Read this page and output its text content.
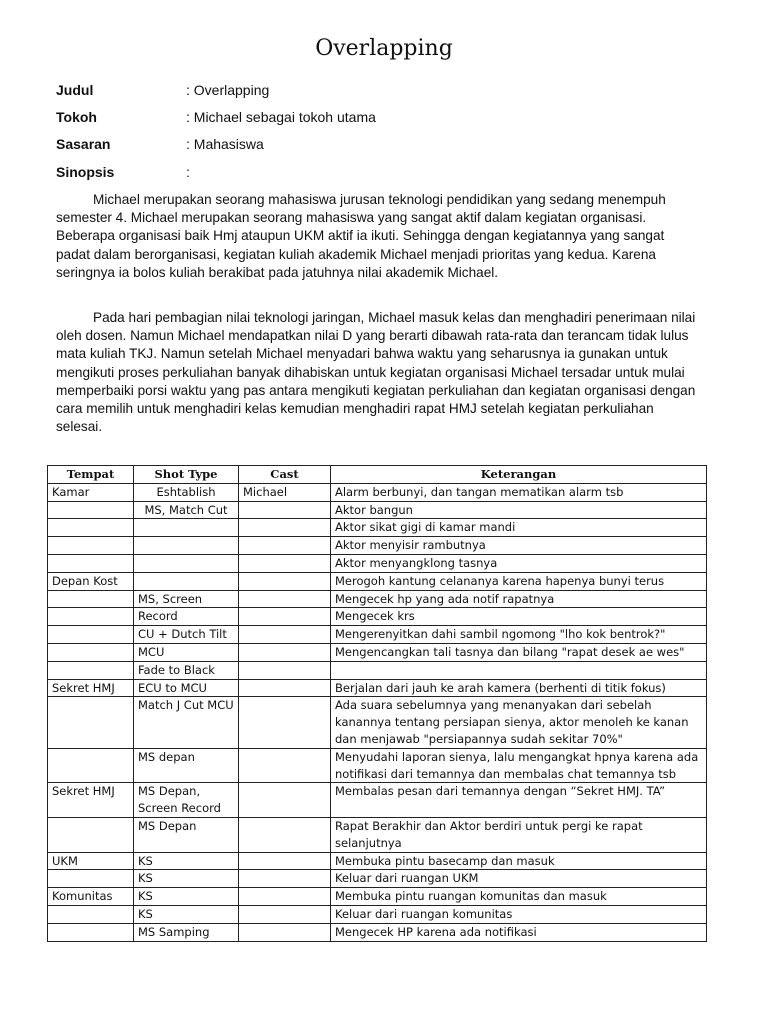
Overlapping
Judul	: Overlapping
Tokoh	: Michael sebagai tokoh utama
Sasaran	: Mahasiswa
Sinopsis	:

Michael merupakan seorang mahasiswa jurusan teknologi pendidikan yang sedang menempuh semester 4. Michael merupakan seorang mahasiswa yang sangat aktif dalam kegiatan organisasi. Beberapa organisasi baik Hmj ataupun UKM aktif ia ikuti. Sehingga dengan kegiatannya yang sangat padat dalam berorganisasi, kegiatan kuliah akademik Michael menjadi prioritas yang kedua. Karena seringnya ia bolos kuliah berakibat pada jatuhnya nilai akademik Michael.

Pada hari pembagian nilai teknologi jaringan, Michael masuk kelas dan menghadiri penerimaan nilai oleh dosen. Namun Michael mendapatkan nilai D yang berarti dibawah rata-rata dan terancam tidak lulus mata kuliah TKJ. Namun setelah Michael menyadari bahwa waktu yang seharusnya ia gunakan untuk mengikuti proses perkuliahan banyak dihabiskan untuk kegiatan organisasi Michael tersadar untuk mulai memperbaiki porsi waktu yang pas antara mengikuti kegiatan perkuliahan dan kegiatan organisasi dengan cara memilih untuk menghadiri kelas kemudian menghadiri rapat HMJ setelah kegiatan perkuliahan selesai.

Tempat	Shot Type	Cast	Keterangan
Kamar	Eshtablish	Michael	Alarm berbunyi, dan tangan mematikan alarm tsb
	MS, Match Cut		Aktor bangun
			Aktor sikat gigi di kamar mandi
			Aktor menyisir rambutnya
			Aktor menyangklong tasnya
Depan Kost			Merogoh kantung celananya karena hapenya bunyi terus
	MS, Screen		Mengecek hp yang ada notif rapatnya
	Record		Mengecek krs
	CU + Dutch Tilt		Mengerenyitkan dahi sambil ngomong "lho kok bentrok?"
	MCU		Mengencangkan tali tasnya dan bilang "rapat desek ae wes"
	Fade to Black		
Sekret HMJ	ECU to MCU		Berjalan dari jauh ke arah kamera (berhenti di titik fokus)
	Match J Cut MCU		Ada suara sebelumnya yang menanyakan dari sebelah kanannya tentang persiapan sienya, aktor menoleh ke kanan dan menjawab "persiapannya sudah sekitar 70%"
	MS depan		Menyudahi laporan sienya, lalu mengangkat hpnya karena ada notifikasi dari temannya dan membalas chat temannya tsb
Sekret HMJ	MS Depan, Screen Record		Membalas pesan dari temannya dengan “Sekret HMJ. TA”
	MS Depan		Rapat Berakhir dan Aktor berdiri untuk pergi ke rapat selanjutnya
UKM	KS		Membuka pintu basecamp dan masuk
	KS		Keluar dari ruangan UKM
Komunitas	KS		Membuka pintu ruangan komunitas dan masuk
	KS		Keluar dari ruangan komunitas
	MS Samping		Mengecek HP karena ada notifikasi
